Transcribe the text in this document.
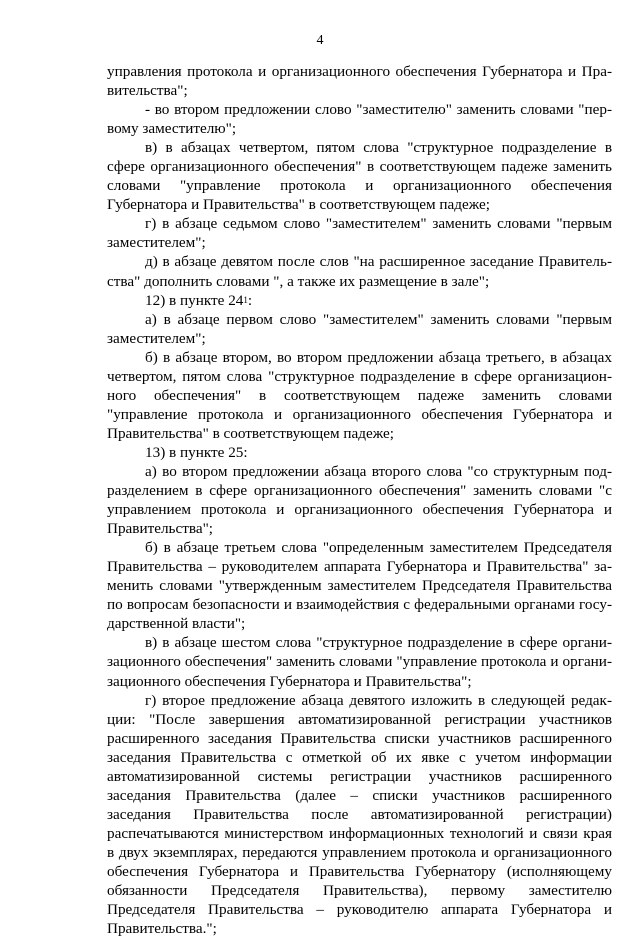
4

управления протокола и организационного обеспечения Губернатора и Правительства";

- во втором предложении слово "заместителю" заменить словами "первому заместителю";

в) в абзацах четвертом, пятом слова "структурное подразделение в сфере организационного обеспечения" в соответствующем падеже заменить словами "управление протокола и организационного обеспечения Губернатора и Правительства" в соответствующем падеже;

г) в абзаце седьмом слово "заместителем" заменить словами "первым заместителем";

д) в абзаце девятом после слов "на расширенное заседание Правительства" дополнить словами ", а также их размещение в зале";

12) в пункте $24^1$:

а) в абзаце первом слово "заместителем" заменить словами "первым заместителем";

б) в абзаце втором, во втором предложении абзаца третьего, в абзацах четвертом, пятом слова "структурное подразделение в сфере организационного обеспечения" в соответствующем падеже заменить словами "управление протокола и организационного обеспечения Губернатора и Правительства" в соответствующем падеже;

13) в пункте 25:

а) во втором предложении абзаца второго слова "со структурным подразделением в сфере организационного обеспечения" заменить словами "с управлением протокола и организационного обеспечения Губернатора и Правительства";

б) в абзаце третьем слова "определенным заместителем Председателя Правительства – руководителем аппарата Губернатора и Правительства" заменить словами "утвержденным заместителем Председателя Правительства по вопросам безопасности и взаимодействия с федеральными органами государственной власти";

в) в абзаце шестом слова "структурное подразделение в сфере организационного обеспечения" заменить словами "управление протокола и организационного обеспечения Губернатора и Правительства";

г) второе предложение абзаца девятого изложить в следующей редакции: "После завершения автоматизированной регистрации участников расширенного заседания Правительства списки участников расширенного заседания Правительства с отметкой об их явке с учетом информации автоматизированной системы регистрации участников расширенного заседания Правительства (далее – списки участников расширенного заседания Правительства после автоматизированной регистрации) распечатываются министерством информационных технологий и связи края в двух экземплярах, передаются управлением протокола и организационного обеспечения Губернатора и Правительства Губернатору (исполняющему обязанности Председателя Правительства), первому заместителю Председателя Правительства – руководителю аппарата Губернатора и Правительства.";
